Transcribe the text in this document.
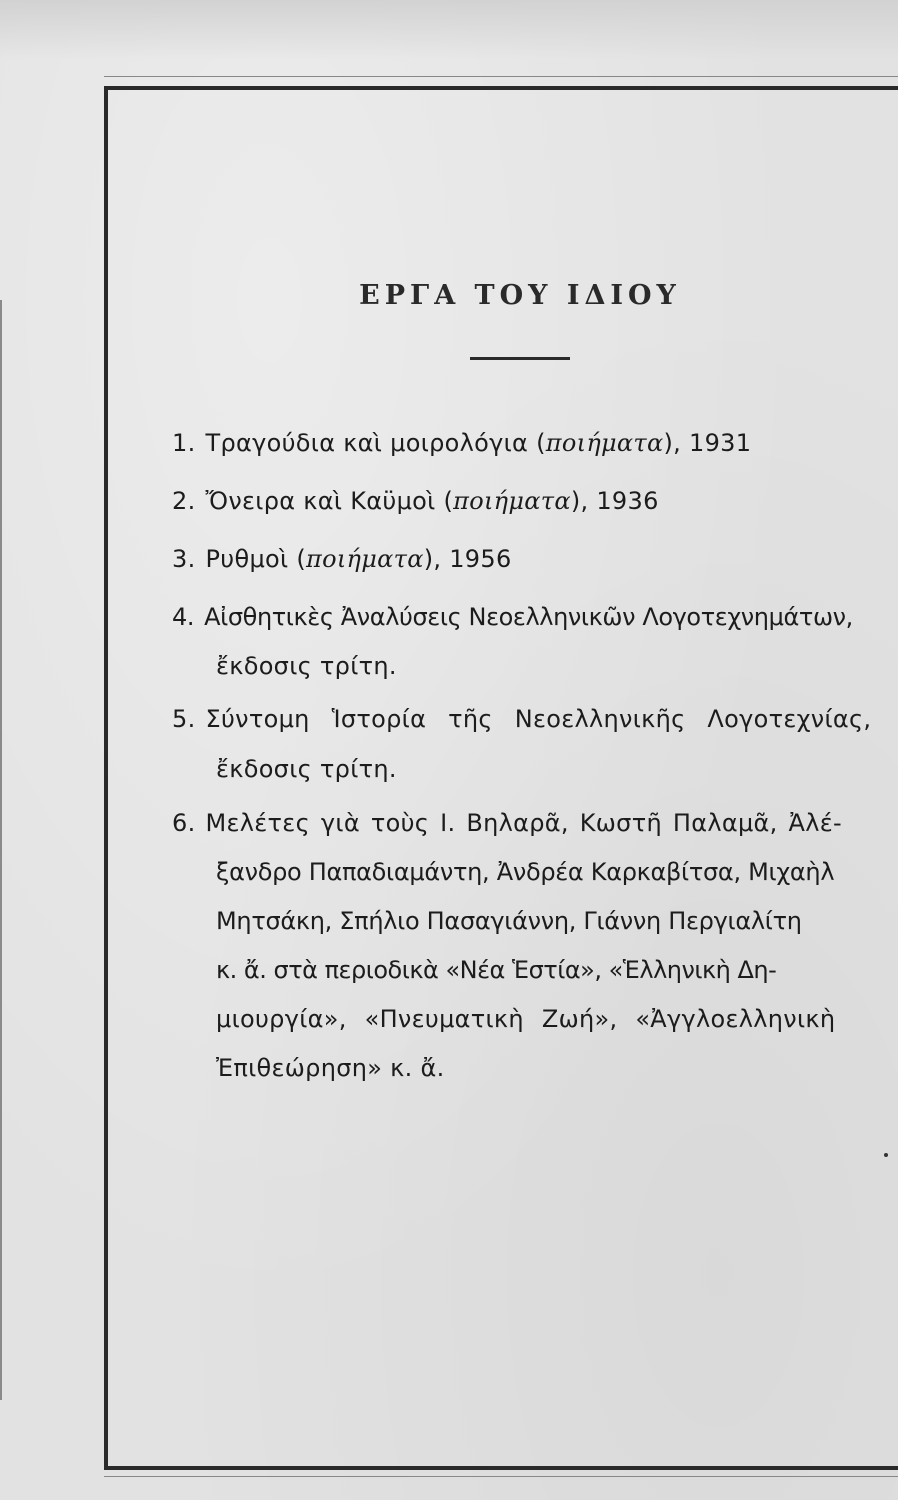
ΕΡΓΑ ΤΟΥ ΙΔΙΟΥ
1. Τραγούδια καὶ μοιρολόγια (ποιήματα), 1931
2. Ὄνειρα καὶ Καϋμοὶ (ποιήματα), 1936
3. Ρυθμοὶ (ποιήματα), 1956
4. Αἰσθητικὲς Ἀναλύσεις Νεοελληνικῶν Λογοτεχνημάτων,
ἔκδοσις τρίτη.
5. Σύντομη Ἱστορία τῆς Νεοελληνικῆς Λογοτεχνίας,
ἔκδοσις τρίτη.
6. Μελέτες γιὰ τοὺς Ι. Βηλαρᾶ, Κωστῆ Παλαμᾶ, Ἀλέ-
ξανδρο Παπαδιαμάντη, Ἀνδρέα Καρκαβίτσα, Μιχαὴλ
Μητσάκη, Σπήλιο Πασαγιάννη, Γιάννη Περγιαλίτη
κ. ἄ. στὰ περιοδικὰ «Νέα Ἑστία», «Ἑλληνικὴ Δη-
μιουργία», «Πνευματικὴ Ζωή», «Ἀγγλοελληνικὴ
Ἐπιθεώρηση» κ. ἄ.
